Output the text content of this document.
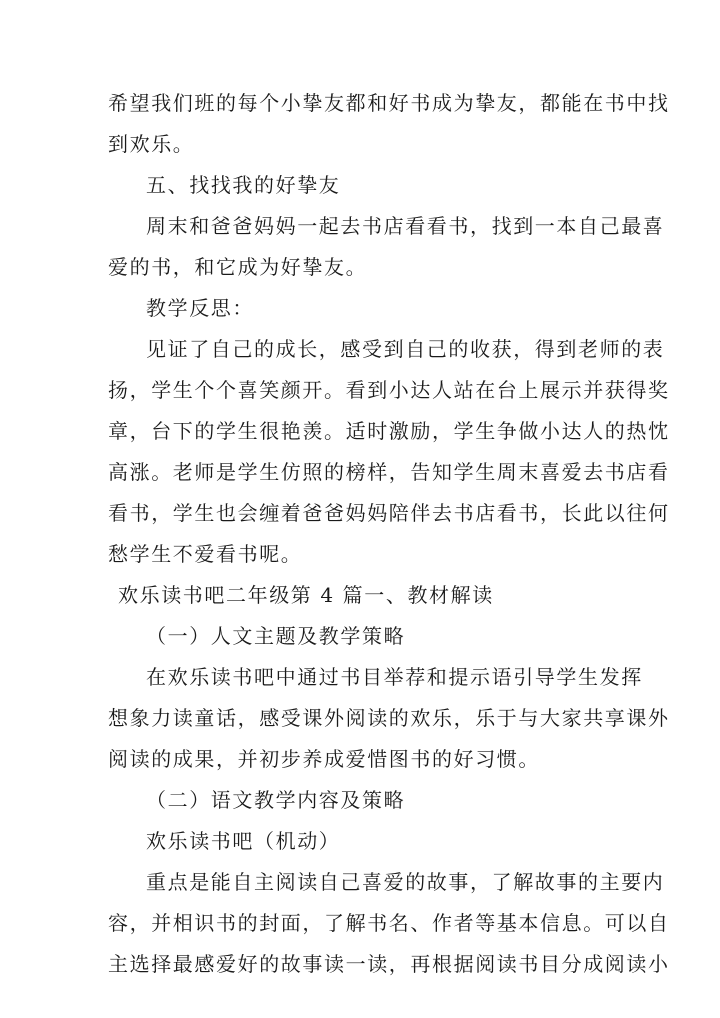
希望我们班的每个小挚友都和好书成为挚友，都能在书中找
到欢乐。
五、找找我的好挚友
周末和爸爸妈妈一起去书店看看书，找到一本自己最喜
爱的书，和它成为好挚友。
教学反思：
见证了自己的成长，感受到自己的收获，得到老师的表
扬，学生个个喜笑颜开。看到小达人站在台上展示并获得奖
章，台下的学生很艳羡。适时激励，学生争做小达人的热忱
高涨。老师是学生仿照的榜样，告知学生周末喜爱去书店看
看书，学生也会缠着爸爸妈妈陪伴去书店看书，长此以往何
愁学生不爱看书呢。
欢乐读书吧二年级第 4 篇一、教材解读
（一）人文主题及教学策略
在欢乐读书吧中通过书目举荐和提示语引导学生发挥
想象力读童话，感受课外阅读的欢乐，乐于与大家共享课外
阅读的成果，并初步养成爱惜图书的好习惯。
（二）语文教学内容及策略
欢乐读书吧（机动）
重点是能自主阅读自己喜爱的故事，了解故事的主要内
容，并相识书的封面，了解书名、作者等基本信息。可以自
主选择最感爱好的故事读一读，再根据阅读书目分成阅读小
